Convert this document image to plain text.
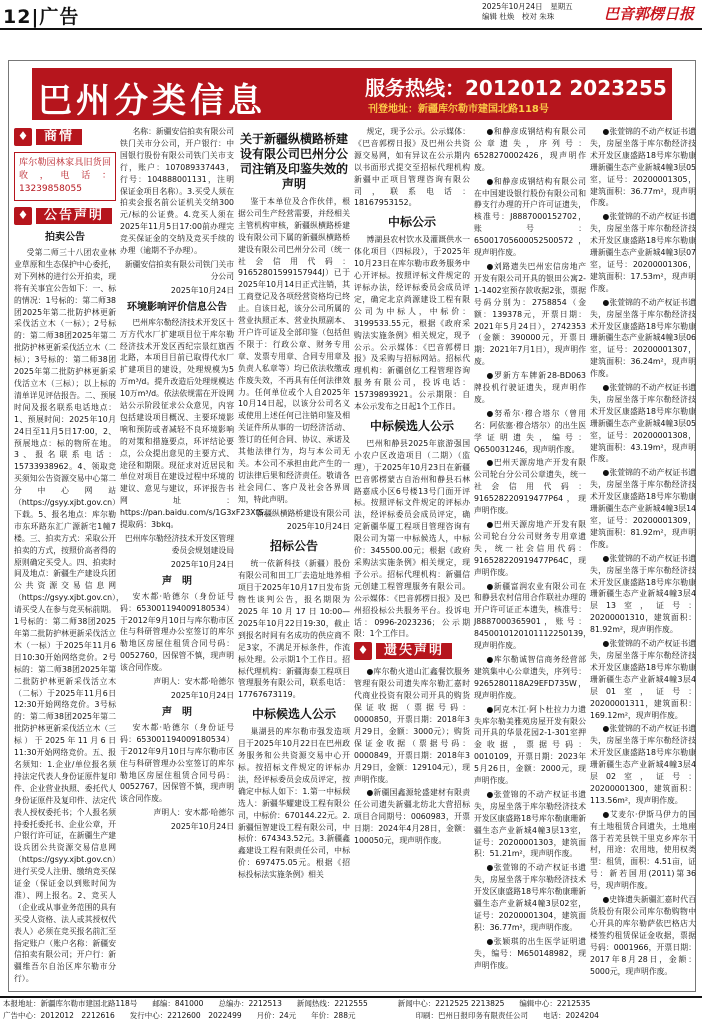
12|广告	2025年10月24日　 星期五
编辑 杜焕　 校对 朱珠	巴音郭楞日报
巴州分类信息	服务热线：2012012 2023255
刊登地址：新疆库尔勒市建国北路118号
♦	商情
库尔勒园林家具旧货回收，电话：13239858055
♦	公告声明
拍卖公告

受第二师三十八团农业林业草原和生态保护中心委托，对下列林的进行公开拍卖，现将有关事宜公告如下：一、标的情况：1号标的：第二师38团2025年第二批防护林更新采伐活立木（一标）；2号标的：第二师38团2025年第二批防护林更新采伐活立木（二标）；3号标的：第二师38团2025年第二批防护林更新采伐活立木（三标）；以上标的清单详见评估报告。二、预展时间及报名联系电话地点：1、预展时间：2025年10月24日至11月5日17:00，2、预展地点：标的物所在地。3、报名联系电话：15733938962。4、领取竞买须知公告资源交易中心第二分中心网站（https://gsyy.xjbt.gov.cn）下载。5、报名地点：库尔勒市东环路东汇广源新宅1幢7楼。三、拍卖方式：采取公开拍卖的方式，按照价高者得的原则确定买受人。四、拍卖时间及地点：新疆生产建设兵团公共资源交易信息网（https://gsyy.xjbt.gov.cn），请买受人在参与竞买标前期。1号标的：第二师38团2025年第二批防护林更新采伐活立木（一标）于2025年11月6日10:30开始网络竞价。2号标的：第二师38团2025年第二批防护林更新采伐活立木（二标）于2025年11月6日12:30开始网络竞价。3号标的：第二师38团2025年第二批防护林更新采伐活立木（三标）于2025年11月6日11:30开始网络竞价。五、报名须知：1.企业/单位报名须持法定代表人身份证原件复印件、企业营业执照、委托代人身份证原件及复印件、法定代表人授权委托书；个人报名须持委托委托书、企业公章，开户银行许可证，在新疆生产建设兵团公共资源交易信息网（https://gsyy.xjbt.gov.cn）进行买受人注册、缴纳竞买保证金（保证金以到账时间为准）、网上报名。2、竞买人（企业或从事业务范围的具有买受人资格、法人或其授权代表人）必须在竞买报名前汇至指定账户（账户名称：新疆安信拍卖有限公司；开户行：新疆维吾尔自治区库尔勒市分行）。

名称：新疆安信拍卖有限公司铁门关市分公司，开户银行：中国银行股份有限公司铁门关市支行，账户：107089337443，行号：104888001131，注明保证金项目名称）。3.买受人须在拍卖会报名前公证机关交纳300元/标的公证费。4.竞买人须在2025年11月5日17:00前办理完竞买保证金的交纳及竞买手续的办理（逾期不予办理）。

新疆安信拍卖有限公司铁门关市分公司

2025年10月24日

环境影响评价信息公告

巴州库尔勒经济技术开发区十万方代水厂扩建项目位于库尔勒经济技术开发区西纪宗景红旗西北路，本项目目前已取得代水厂扩建项目的建设，处理规模为5万m³/d。提升改造后处理规模达10万m³/d。依法依规需在开设网站公示阶段征求公众意见，内容包括建设项目概况、主要环境影响和预防或者减轻不良环境影响的对策和措施要点，环评结论要点，公众提出意见的主要方式、途径和期限。现征求对近居民和单位对项目在建设过程中环境的建议、意见与建议，环评报告书网址：https://pan.baidu.com/s/1G3xF23XfS...提取码：3bkq。

巴州库尔勒经济技术开发区管理委员会规划建设局

2025年10月24日

声　明

安木都·哈德尔（身份证号码：653001194009180534）于2012年9月10日与库尔勒市区住与科研管理办公室签订的库尔勒地区房屋住租赁合同号码：0052760，因保管不慎，现声明该合同作废。

声明人：安木都·哈德尔

2025年10月24日

声　明

安木都·哈德尔（身份证号码：653001194009180534）于2012年9月10日与库尔勒市区住与科研管理办公室签订的库尔勒地区房屋住租赁合同号码：0052767，因保管不慎，现声明该合同作废。

声明人：安木都·哈德尔

2025年10月24日

关于新疆纵横路桥建设有限公司巴州分公司注销及印鉴失效的声明

鉴于本单位及合作伙伴，根据公司生产经营需要，并经相关主管机构审核，新疆纵横路桥建设有限公司下属的新疆纵横路桥建设有限公司巴州分公司（统一社会信用代码：91652801599157944J）已于2025年10月14日正式注销，其工商登记及各项经营资格均已终止。自该日起，该分公司所属的营业执照正本、营业执照副本、开户许可证及全部印鉴（包括但不限于：行政公章、财务专用章、发票专用章、合同专用章及负责人私章等）均已依法收缴或作废失效，不再具有任何法律效力。任何单位或个人自2025年10月14日起，以该分公司名义或使用上述任何已注销印鉴及相关证件所从事的一切经济活动、签订的任何合同、协议、承诺及其他法律行为，均与本公司无关。本公司不承担由此产生的一切法律后果和经济责任。敬请各社会同仁、客户及社会各界周知，特此声明。

新疆纵横路桥建设有限公司

2025年10月24日

招标公告

统一依新科技（新疆）股份有限公司和田工厂去造址地养相项目于2025年10月17日发布货物性谈判公告，报名期限为2025年10月17日10:00—2025年10月22日19:30，截止到报名时间有名成功的供应商不足3家，不满足开标条件，作流标处理。公示期1个工作日。招标代理机构：新疆海泰工程项目管理服务有限公司，联系电话：17767673119。

中标候选人公示

巢湖县的库尔勒市强发造项目于2025年10月22日在巴州政务服务和公共资源交易中心开标。按招标文件规定的评标办法，经评标委员会成员评定，按确定中标人如下：1.第一中标候选人：新疆华耀建设工程有限公司，中标价：670144.22元。2.新疆恒智建设工程有限公司，中标价：674343.52元。3.新疆鑫鑫建设工程有限责任公司，中标价：697475.05元。根据《招标投标法实施条例》相关

规定，现予公示。公示媒体：《巴音郭楞日报》及巴州公共资源交易网，如有异议在公示期内以书面形式提交至招标代理机构新疆中正项目管理咨询有限公司，联系电话：18167953152。

中标公示

博湖县农村饮水及灌溉供水一体化项目（四标段），于2025年10月23日在库尔勒市政务服务中心开评标。按照评标文件规定的评标办法，经评标委员会成员评定，确定北京尚源建设工程有限公司为中标人，中标价：3199533.55元，根据《政府采购法实施条例》相关规定，现予公示。公示媒体：《巴音郭楞日报》及采购与招标网站。招标代理机构：新疆创亿工程管理咨询服务有限公司，投诉电话：15739893921。公示期限：自本公示发布之日起1个工作日。

中标候选人公示

巴州和静县2025年旅游强国小农户区改造项目（二期）（监理），于2025年10月23日在新疆巴音郭楞蒙古自治州和静县石林路嘉成小区6号楼13号门面开评标。按照评标文件规定的评标办法，经评标委员会成员评定，确定新疆华厦工程项目管理咨询有限公司为第一中标候选人，中标价：345500.00元；根据《政府采购法实施条例》相关规定，现予公示。招标代理机构：新疆信元创建工程管理服务有限公司。公示媒体：《巴音郭楞日报》及巴州招投标公共服务平台。投诉电话：0996-2023236；公示期限：1个工作日。

♦	遗失声明

●库尔勒火道山汇鑫餐饮服务管理有限公司遗失库尔勒汇嘉时代商业投资有限公司开具的购货保证收据（票据号码：0000850，开票日期：2018年3月29日，金额：3000元）；购货保证金收据（票据号码：0000849，开票日期：2018年3月29日，金额：129104元），现声明作废。

●新疆国鑫源轮盛建材有限责任公司遗失新疆北纺北大营招标项目合同期号：0060983，开票日期：2024年4月28日，金额：100050元，现声明作废。

●和静彦成钢结构有限公司公章遗失，序列号：6528270002426，现声明作废。

●和静彦成钢结构有限公司在中国建设银行股份有限公司和静支行办理的开户许可证遗失，核准号：J8887000152702，账号：65001705600052500572，现声明作废。

●刘路遗失巴州宏信房地产开发有限公司开具的银田公寓2-1-1402室预存款收据2张，票据号码分别为：2758854（金额：139378元，开票日期：2021年5月24日），2742353（金额：390000元，开票日期：2021年7月1日），现声明作废。

●罗新方车牌新28-BD063牌投机行驶证遗失，现声明作废。

●努希尔·穆合塔尔（曾用名：阿依塞·穆合塔尔）的出生医学证明遗失，编号：Q650031246，现声明作废。

●巴州天源房地产开发有限公司轮台分公司公章遗失，统一社会信用代码：916528220919477P64，现声明作废。

●巴州天源房地产开发有限公司轮台分公司财务专用章遗失，统一社会信用代码：916528220919477P64C，现声明作废。

●新疆富润农业有限公司在和静县农村信用合作联社办理的开户许可证正本遗失，核准号：J8887000365901，账号：8450010120101112250139，现声明作废。

●库尔勒诚智信商务经营部建筑集中心公章遗失，序列号：9265280118A29EFD735W，现声明作废。

●阿克木江·阿卜杜拉力力遗失库尔勒美雅苑房屋开发有限公司开具的华景花园2-1-301室押金收据，票据号码：0010109，开票日期：2023年5月26日，金额：2000元，现声明作废。

●张萱锦的不动产权证书遗失，房屋坐落于库尔勒经济技术开发区康盛路18号库尔勒康珊新疆生态产业新城4幢3层13室，证号：20200001303，建筑面积：51.21m²，现声明作废。

●张萱锦的不动产权证书遗失，房屋坐落于库尔勒经济技术开发区康盛路18号库尔勒康珊新疆生态产业新城4幢3层02室，证号：20200001304，建筑面积：36.77m²，现声明作废。

●张颖琪的出生医学证明遗失，编号：M650148982，现声明作废。

●张萱锦的不动产权证书遗失，房屋坐落于库尔勒经济技术开发区康盛路18号库尔勒康珊新疆生态产业新城4幢3层05室，证号：20200001305，建筑面积：36.77m²，现声明作废。

●张萱锦的不动产权证书遗失，房屋坐落于库尔勒经济技术开发区康盛路18号库尔勒康珊新疆生态产业新城4幢3层07室，证号：20200001306，建筑面积：17.53m²，现声明作废。

●张萱锦的不动产权证书遗失，房屋坐落于库尔勒经济技术开发区康盛路18号库尔勒康珊新疆生态产业新城4幢3层06室，证号：20200001307，建筑面积：36.24m²，现声明作废。

●张萱锦的不动产权证书遗失，房屋坐落于库尔勒经济技术开发区康盛路18号库尔勒康珊新疆生态产业新城4幢3层05室，证号：20200001308，建筑面积：43.19m²，现声明作废。

●张萱锦的不动产权证书遗失，房屋坐落于库尔勒经济技术开发区康盛路18号库尔勒康珊新疆生态产业新城4幢3层14室，证号：20200001309，建筑面积：81.92m²，现声明作废。

●张萱锦的不动产权证书遗失，房屋坐落于库尔勒经济技术开发区康盛路18号库尔勒康珊新疆生态产业新城4幢3层4层13室，证号：20200001310，建筑面积：81.92m²，现声明作废。

●张萱锦的不动产权证书遗失，房屋坐落于库尔勒经济技术开发区康盛路18号库尔勒康珊新疆生态产业新城4幢3层4层01室，证号：20200001311，建筑面积：169.12m²，现声明作废。

●张萱锦的不动产权证书遗失，房屋坐落于库尔勒经济技术开发区康盛路18号库尔勒康珊新疆生态产业新城4幢3层4层02室，证号：20200001300，建筑面积：113.56m²，现声明作废。

●艾麦尔·伊斯马伊力的国有土地租赁合同遗失，土地座落于若羌县铁干里克乡库尔干村，用途：农用地，使用权类型：租赁，面积：4.51亩，证号：新若国用(2011)第36号，现声明作废。

●史锋遗失新疆汇嘉时代百货股份有限公司库尔勒购物中心开具的库尔勒萨依巴格店大楼签约租赁保证金收据，票据号码：0001966，开票日期：2017年8月28日，金额：5000元，现声明作废。

本报地址：新疆库尔勒市建国北路118号　　邮编：841000　　总编办：2212513　　新闻热线：2212555　　　　新闻中心：2212525 2213825　　编辑中心：2212535
广告中心：2012012　2212616　　发行中心：2212600　2022499　　月价：24元　　年价：288元　　　　　　　　印刷：巴州日报印务有限责任公司　　电话：2024204
